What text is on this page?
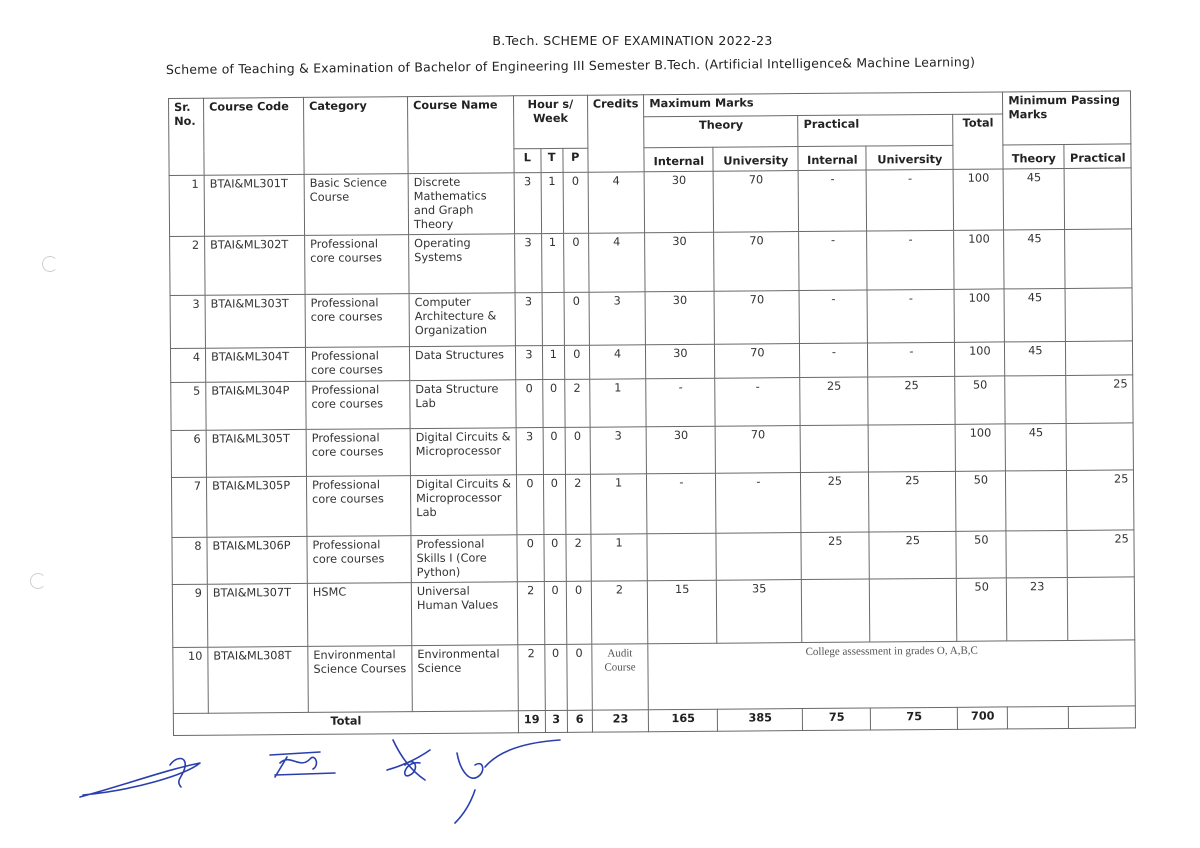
B.Tech. SCHEME OF EXAMINATION 2022-23
Scheme of Teaching & Examination of Bachelor of Engineering III Semester B.Tech. (Artificial Intelligence& Machine Learning)
Sr. No.	Course Code	Category	Course Name	Hour s/ Week			Credits	Maximum Marks					Minimum Passing Marks	
								Theory		Practical		Total		
				L	T	P		Internal	University	Internal	University		Theory	Practical
1	BTAI&ML301T	Basic Science Course	Discrete Mathematics and Graph Theory	3	1	0	4	30	70	-	-	100	45	
2	BTAI&ML302T	Professional core courses	Operating Systems	3	1	0	4	30	70	-	-	100	45	
3	BTAI&ML303T	Professional core courses	Computer Architecture & Organization	3		0	3	30	70	-	-	100	45	
4	BTAI&ML304T	Professional core courses	Data Structures	3	1	0	4	30	70	-	-	100	45	
5	BTAI&ML304P	Professional core courses	Data Structure Lab	0	0	2	1	-	-	25	25	50		25
6	BTAI&ML305T	Professional core courses	Digital Circuits & Microprocessor	3	0	0	3	30	70			100	45	
7	BTAI&ML305P	Professional core courses	Digital Circuits & Microprocessor Lab	0	0	2	1	-	-	25	25	50		25
8	BTAI&ML306P	Professional core courses	Professional Skills I (Core Python)	0	0	2	1			25	25	50		25
9	BTAI&ML307T	HSMC	Universal Human Values	2	0	0	2	15	35			50	23	
10	BTAI&ML308T	Environmental Science Courses	Environmental Science	2	0	0	Audit Course	College assessment in grades O, A,B,C						
Total				19	3	6	23	165	385	75	75	700		
